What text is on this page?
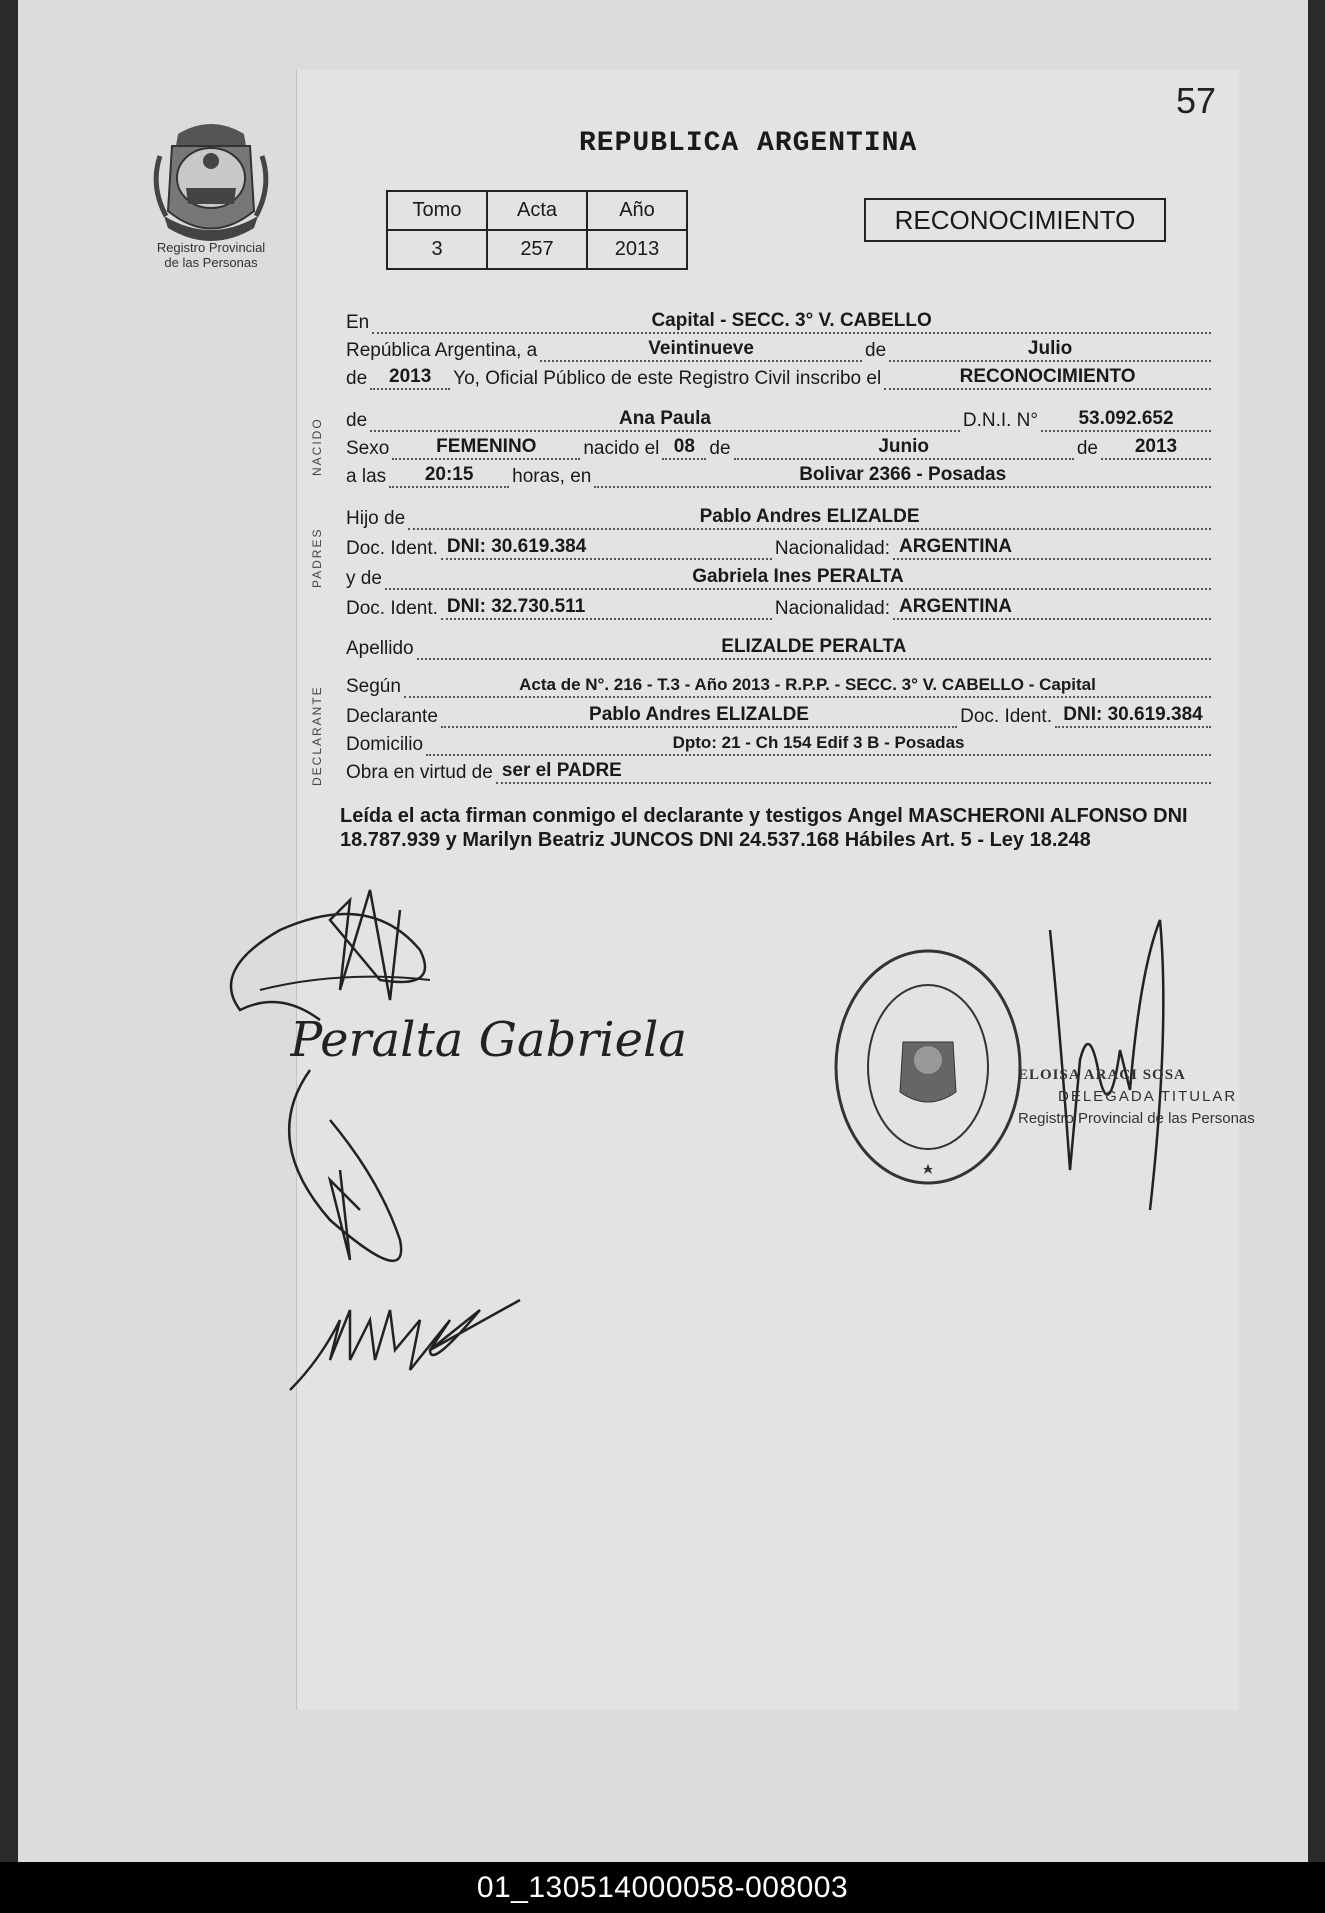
57
REPUBLICA ARGENTINA
Registro Provincial
de las Personas
Tomo	Acta	Año
3	257	2013
RECONOCIMIENTO
NACIDO
PADRES
DECLARANTE
En	Capital - SECC. 3° V. CABELLO
República Argentina, a	Veintinueve	de	Julio
de	2013	Yo, Oficial Público de este Registro Civil inscribo el	RECONOCIMIENTO
de	Ana Paula	D.N.I. N°	53.092.652
Sexo	FEMENINO	nacido el 08 de	Junio	de	2013
a las	20:15	horas, en	Bolivar 2366 - Posadas
Hijo de	Pablo Andres ELIZALDE
Doc. Ident. DNI: 30.619.384	Nacionalidad: ARGENTINA
y de	Gabriela Ines PERALTA
Doc. Ident. DNI: 32.730.511	Nacionalidad: ARGENTINA
Apellido	ELIZALDE PERALTA
Según	Acta de N°. 216 - T.3 - Año 2013 - R.P.P. - SECC. 3° V. CABELLO - Capital
Declarante	Pablo Andres ELIZALDE	Doc. Ident. DNI: 30.619.384
Domicilio	Dpto: 21 - Ch 154 Edif 3 B - Posadas
Obra en virtud de ser el PADRE
Leída el acta firman conmigo el declarante y testigos Angel MASCHERONI ALFONSO DNI 18.787.939 y Marilyn Beatriz JUNCOS DNI 24.537.168 Hábiles Art. 5 - Ley 18.248
Peralta Gabriela
ELOISA ARACI SOSA
DELEGADA TITULAR
Registro Provincial de las Personas
01_130514000058-008003
